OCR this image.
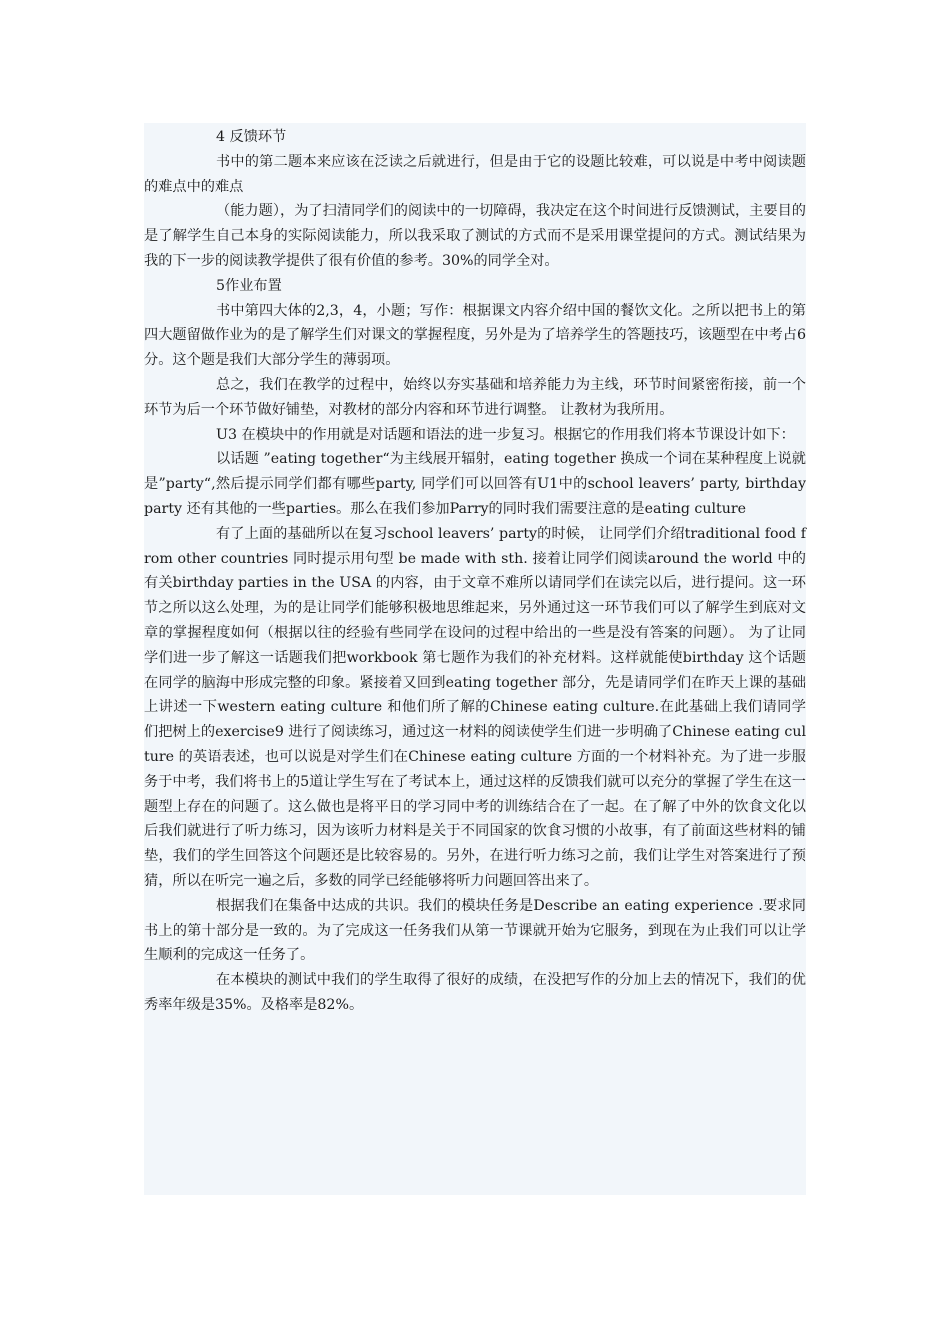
4 反馈环节

书中的第二题本来应该在泛读之后就进行，但是由于它的设题比较难，可以说是中考中阅读题的难点中的难点

（能力题），为了扫清同学们的阅读中的一切障碍，我决定在这个时间进行反馈测试，主要目的是了解学生自己本身的实际阅读能力，所以我采取了测试的方式而不是采用课堂提问的方式。测试结果为我的下一步的阅读教学提供了很有价值的参考。30%的同学全对。

5作业布置

书中第四大体的2,3，4，小题；写作：根据课文内容介绍中国的餐饮文化。之所以把书上的第四大题留做作业为的是了解学生们对课文的掌握程度，另外是为了培养学生的答题技巧，该题型在中考占6分。这个题是我们大部分学生的薄弱项。

总之，我们在教学的过程中，始终以夯实基础和培养能力为主线，环节时间紧密衔接，前一个环节为后一个环节做好铺垫，对教材的部分内容和环节进行调整。 让教材为我所用。

U3 在模块中的作用就是对话题和语法的进一步复习。根据它的作用我们将本节课设计如下：

以话题 ”eating together“为主线展开辐射，eating together 换成一个词在某种程度上说就是”party“,然后提示同学们都有哪些party, 同学们可以回答有U1中的school leavers’ party, birthday party 还有其他的一些parties。那么在我们参加Parry的同时我们需要注意的是eating culture

有了上面的基础所以在复习school leavers’ party的时候， 让同学们介绍traditional food from other countries 同时提示用句型 be made with sth. 接着让同学们阅读around the world 中的有关birthday parties in the USA 的内容，由于文章不难所以请同学们在读完以后，进行提问。这一环节之所以这么处理，为的是让同学们能够积极地思维起来，另外通过这一环节我们可以了解学生到底对文章的掌握程度如何（根据以往的经验有些同学在设问的过程中给出的一些是没有答案的问题）。 为了让同学们进一步了解这一话题我们把workbook 第七题作为我们的补充材料。这样就能使birthday 这个话题在同学的脑海中形成完整的印象。紧接着又回到eating together 部分，先是请同学们在昨天上课的基础上讲述一下western eating culture 和他们所了解的Chinese eating culture.在此基础上我们请同学们把树上的exercise9 进行了阅读练习，通过这一材料的阅读使学生们进一步明确了Chinese eating culture 的英语表述，也可以说是对学生们在Chinese eating culture 方面的一个材料补充。为了进一步服务于中考，我们将书上的5道让学生写在了考试本上，通过这样的反馈我们就可以充分的掌握了学生在这一题型上存在的问题了。这么做也是将平日的学习同中考的训练结合在了一起。在了解了中外的饮食文化以后我们就进行了听力练习，因为该听力材料是关于不同国家的饮食习惯的小故事，有了前面这些材料的铺垫，我们的学生回答这个问题还是比较容易的。另外，在进行听力练习之前，我们让学生对答案进行了预猜，所以在听完一遍之后，多数的同学已经能够将听力问题回答出来了。

根据我们在集备中达成的共识。我们的模块任务是Describe an eating experience .要求同书上的第十部分是一致的。为了完成这一任务我们从第一节课就开始为它服务，到现在为止我们可以让学生顺利的完成这一任务了。

在本模块的测试中我们的学生取得了很好的成绩，在没把写作的分加上去的情况下，我们的优秀率年级是35%。及格率是82%。
